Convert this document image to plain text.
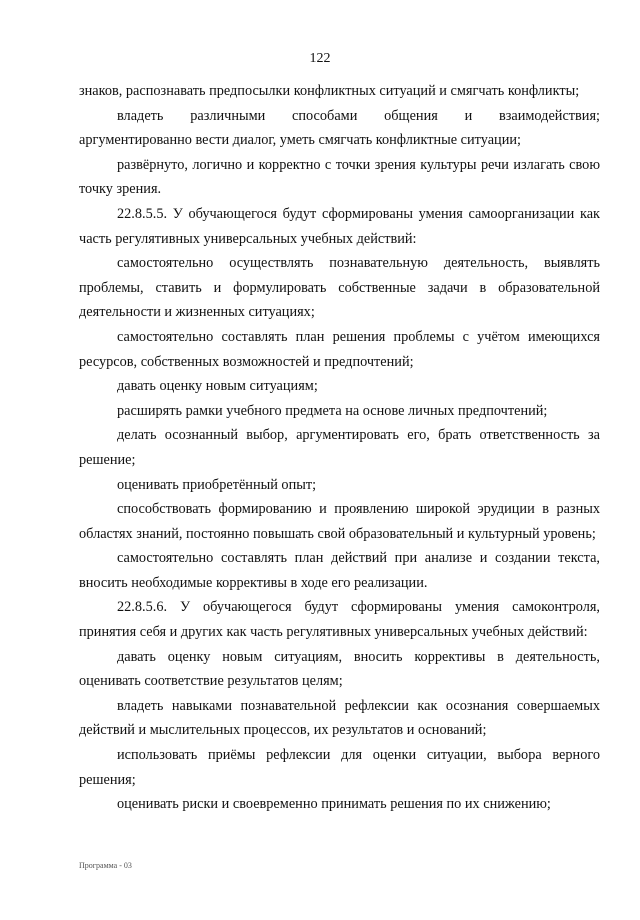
122

знаков, распознавать предпосылки конфликтных ситуаций и смягчать конфликты;

владеть различными способами общения и взаимодействия; аргументированно вести диалог, уметь смягчать конфликтные ситуации;

развёрнуто, логично и корректно с точки зрения культуры речи излагать свою точку зрения.

22.8.5.5. У обучающегося будут сформированы умения самоорганизации как часть регулятивных универсальных учебных действий:

самостоятельно осуществлять познавательную деятельность, выявлять проблемы, ставить и формулировать собственные задачи в образовательной деятельности и жизненных ситуациях;

самостоятельно составлять план решения проблемы с учётом имеющихся ресурсов, собственных возможностей и предпочтений;

давать оценку новым ситуациям;

расширять рамки учебного предмета на основе личных предпочтений;

делать осознанный выбор, аргументировать его, брать ответственность за решение;

оценивать приобретённый опыт;

способствовать формированию и проявлению широкой эрудиции в разных областях знаний, постоянно повышать свой образовательный и культурный уровень;

самостоятельно составлять план действий при анализе и создании текста, вносить необходимые коррективы в ходе его реализации.

22.8.5.6. У обучающегося будут сформированы умения самоконтроля, принятия себя и других как часть регулятивных универсальных учебных действий:

давать оценку новым ситуациям, вносить коррективы в деятельность, оценивать соответствие результатов целям;

владеть навыками познавательной рефлексии как осознания совершаемых действий и мыслительных процессов, их результатов и оснований;

использовать приёмы рефлексии для оценки ситуации, выбора верного решения;

оценивать риски и своевременно принимать решения по их снижению;

Программа - 03
